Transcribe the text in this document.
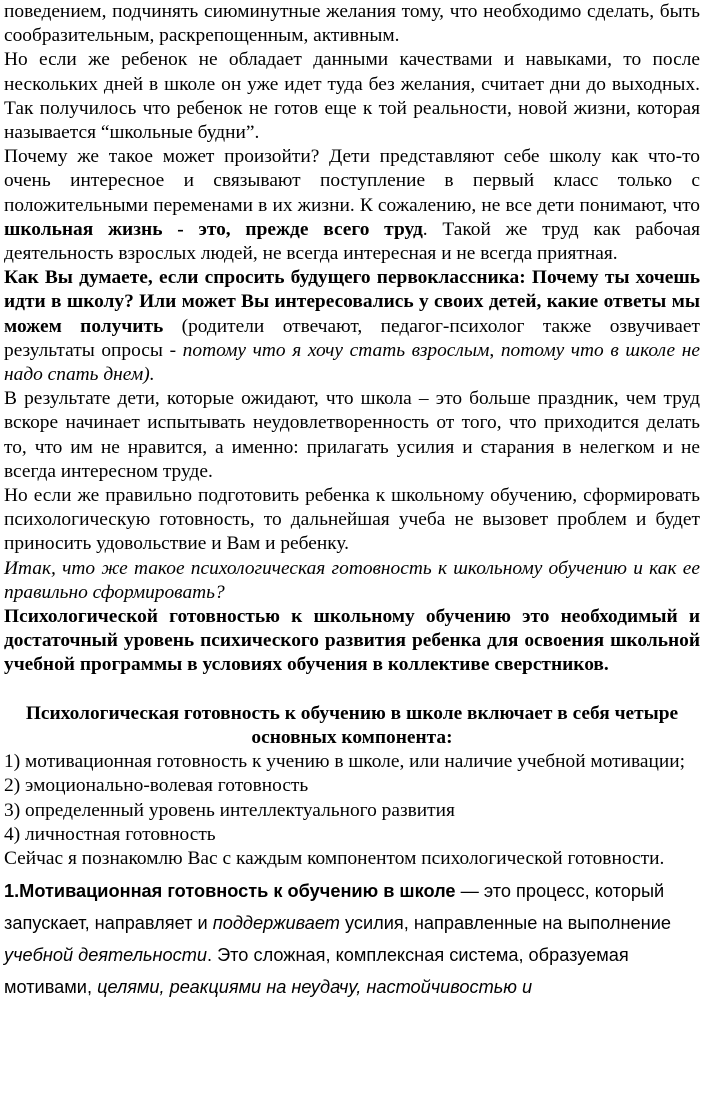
поведением, подчинять сиюминутные желания тому, что необходимо сделать, быть сообразительным, раскрепощенным, активным.

Но если же ребенок не обладает данными качествами и навыками, то после нескольких дней в школе он уже идет туда без желания, считает дни до выходных. Так получилось что ребенок не готов еще к той реальности, новой жизни, которая называется “школьные будни”.

Почему же такое может произойти? Дети представляют себе школу как что-то очень интересное и связывают поступление в первый класс только с положительными переменами в их жизни. К сожалению, не все дети понимают, что школьная жизнь - это, прежде всего труд. Такой же труд как рабочая деятельность взрослых людей, не всегда интересная и не всегда приятная.

Как Вы думаете, если спросить будущего первоклассника: Почему ты хочешь идти в школу? Или может Вы интересовались у своих детей, какие ответы мы можем получить (родители отвечают, педагог-психолог также озвучивает результаты опросы - потому что я хочу стать взрослым, потому что в школе не надо спать днем).

В результате дети, которые ожидают, что школа – это больше праздник, чем труд вскоре начинает испытывать неудовлетворенность от того, что приходится делать то, что им не нравится, а именно: прилагать усилия и старания в нелегком и не всегда интересном труде.

Но если же правильно подготовить ребенка к школьному обучению, сформировать психологическую готовность, то дальнейшая учеба не вызовет проблем и будет приносить удовольствие и Вам и ребенку.

Итак, что же такое психологическая готовность к школьному обучению и как ее правильно сформировать?

Психологической готовностью к школьному обучению это необходимый и достаточный уровень психического развития ребенка для освоения школьной учебной программы в условиях обучения в коллективе сверстников.

Психологическая готовность к обучению в школе включает в себя четыре основных компонента:

1) мотивационная готовность к учению в школе, или наличие учебной мотивации;

2) эмоционально-волевая готовность

3) определенный уровень интеллектуального развития

4) личностная готовность

Сейчас я познакомлю Вас с каждым компонентом психологической готовности.

1.Мотивационная готовность к обучению в школе — это процесс, который запускает, направляет и поддерживает усилия, направленные на выполнение учебной деятельности. Это сложная, комплексная система, образуемая мотивами, целями, реакциями на неудачу, настойчивостью и
